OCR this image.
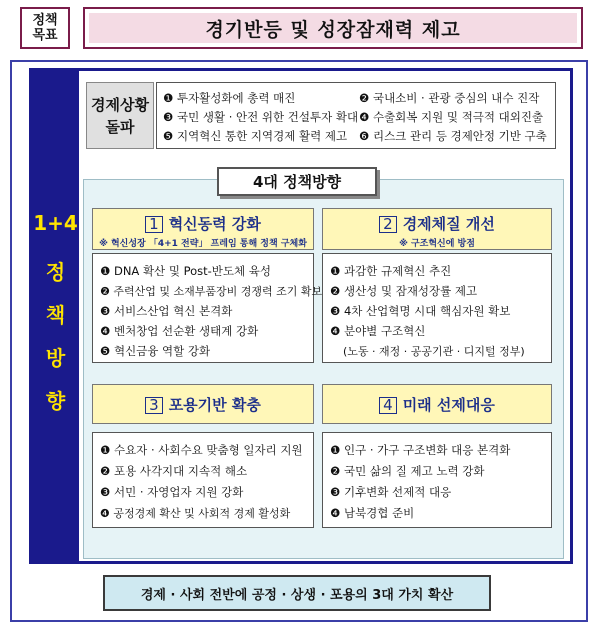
정책
목표	경기반등 및 성장잠재력 제고
1+4
정
책
방
향
경제상황
돌파
❶ 투자활성화에 총력 매진	❷ 국내소비 · 관광 중심의 내수 진작
❸ 국민 생활 · 안전 위한 건설투자 확대 ❹ 수출회복 지원 및 적극적 대외진출
❺ 지역혁신 통한 지역경제 활력 제고 ❻ 리스크 관리 등 경제안정 기반 구축
4대 정책방향
1 혁신동력 강화
※ 혁신성장 「4+1 전략」 프레임 통해 정책 구체화
❶ DNA 확산 및 Post-반도체 육성
❷ 주력산업 및 소재부품장비 경쟁력 조기 확보
❸ 서비스산업 혁신 본격화
❹ 벤처창업 선순환 생태계 강화
❺ 혁신금융 역할 강화
2 경제체질 개선
※ 구조혁신에 방점
❶ 과감한 규제혁신 추진
❷ 생산성 및 잠재성장률 제고
❸ 4차 산업혁명 시대 핵심자원 확보
❹ 분야별 구조혁신
(노동 · 재정 · 공공기관 · 디지털 정부)
3 포용기반 확충
❶ 수요자 · 사회수요 맞춤형 일자리 지원
❷ 포용 사각지대 지속적 해소
❸ 서민 · 자영업자 지원 강화
❹ 공정경제 확산 및 사회적 경제 활성화
4 미래 선제대응
❶ 인구 · 가구 구조변화 대응 본격화
❷ 국민 삶의 질 제고 노력 강화
❸ 기후변화 선제적 대응
❹ 남북경협 준비
경제 · 사회 전반에 공정 · 상생 · 포용의 3대 가치 확산
